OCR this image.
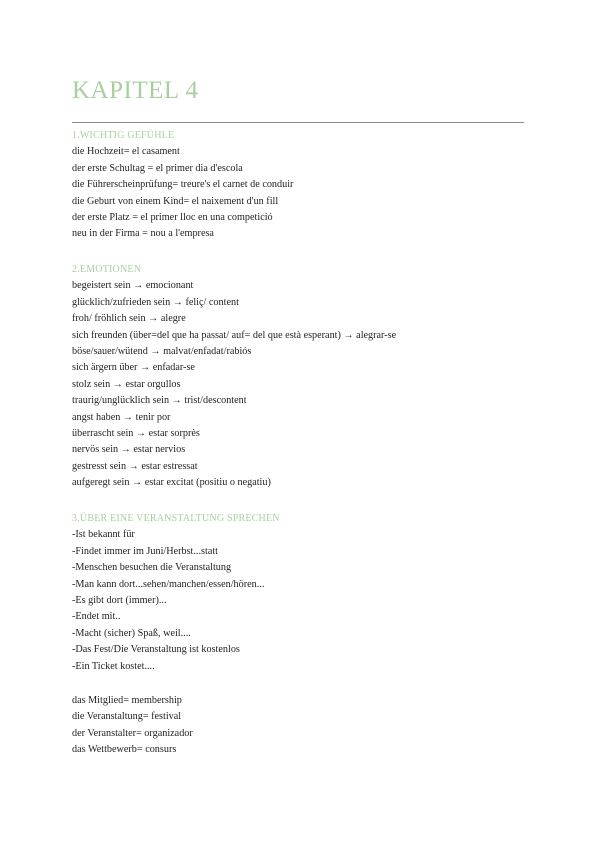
KAPITEL 4

1.WICHTIG GEFÜHLE

die Hochzeit= el casament
der erste Schultag = el primer dia d'escola
die Führerscheinprüfung= treure's el carnet de conduir
die Geburt von einem Kind= el naixement d'un fill
der erste Platz = el primer lloc en una competició
neu in der Firma = nou a l'empresa

2.EMOTIONEN

begeistert sein → emocionant
glücklich/zufrieden sein → feliç/ content
froh/ fröhlich sein → alegre
sich freunden (über=del que ha passat/ auf= del que està esperant) → alegrar-se
böse/sauer/wütend → malvat/enfadat/rabiós
sich ärgern über → enfadar-se
stolz sein → estar orgullos
traurig/unglücklich sein → trist/descontent
angst haben → tenir por
überrascht sein → estar sorprès
nervös sein → estar nervios
gestresst sein → estar estressat
aufgeregt sein → estar excitat (positiu o negatiu)

3.ÜBER EINE VERANSTALTUNG SPRECHEN

-Ist bekannt für
-Findet immer im Juni/Herbst...statt
-Menschen besuchen die Veranstaltung
-Man kann dort...sehen/manchen/essen/hören...
-Es gibt dort (immer)...
-Endet mit..
-Macht (sicher) Spaß, weil....
-Das Fest/Die Veranstaltung ist kostenlos
-Ein Ticket kostet....
das Mitglied= membership
die Veranstaltung= festival
der Veranstalter= organizador
das Wettbewerb= consurs
